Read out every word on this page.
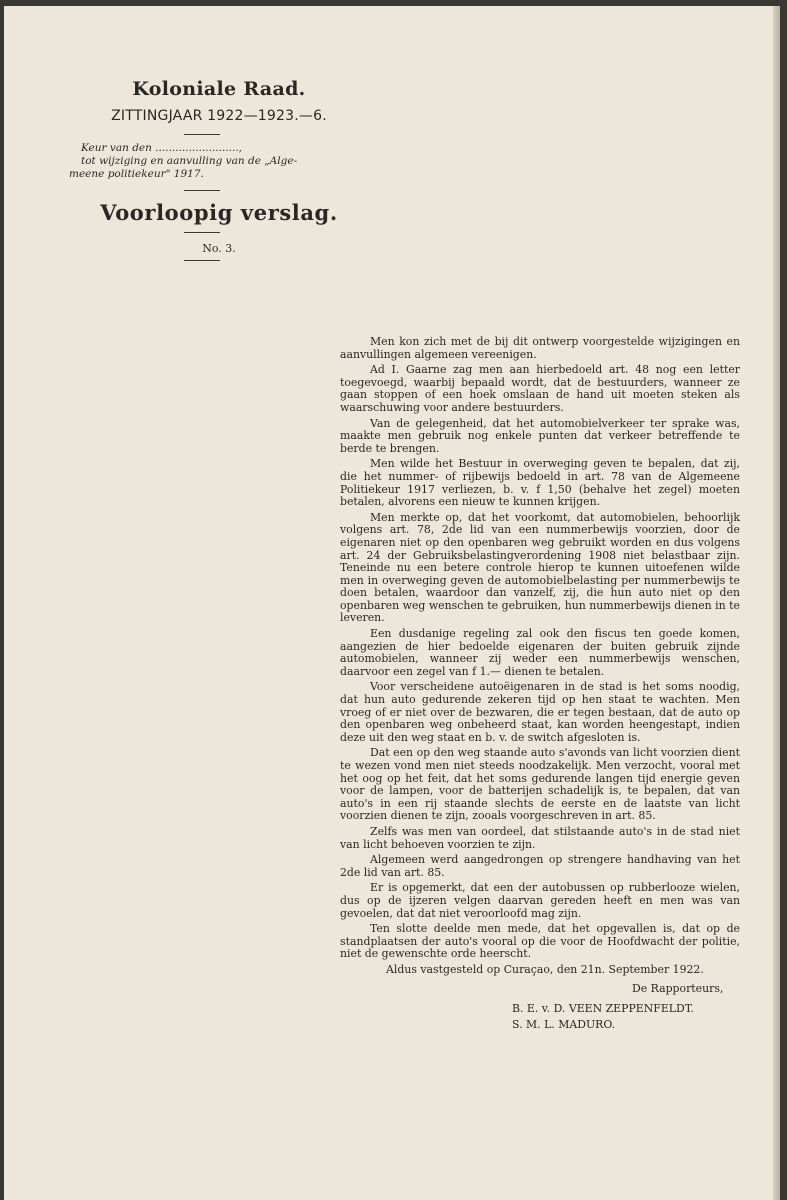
Koloniale Raad.
ZITTINGJAAR 1922—1923.—6.
Keur van den .........................,
tot wijziging en aanvulling van de „Alge-
meene politiekeur" 1917.
Voorloopig verslag.
No. 3.

Men kon zich met de bij dit ontwerp voorgestelde wijzigingen en aanvullingen algemeen vereenigen.

Ad I. Gaarne zag men aan hierbedoeld art. 48 nog een letter toegevoegd, waarbij bepaald wordt, dat de bestuurders, wanneer ze gaan stoppen of een hoek omslaan de hand uit moeten steken als waarschuwing voor andere bestuurders.

Van de gelegenheid, dat het automobielverkeer ter sprake was, maakte men gebruik nog enkele punten dat verkeer betreffende te berde te brengen.

Men wilde het Bestuur in overweging geven te bepalen, dat zij, die het nummer- of rijbewijs bedoeld in art. 78 van de Algemeene Politiekeur 1917 verliezen, b. v. f 1,50 (behalve het zegel) moeten betalen, alvorens een nieuw te kunnen krijgen.

Men merkte op, dat het voorkomt, dat automobielen, behoorlijk volgens art. 78, 2de lid van een nummerbewijs voorzien, door de eigenaren niet op den openbaren weg gebruikt worden en dus volgens art. 24 der Gebruiksbelastingverordening 1908 niet belastbaar zijn. Teneinde nu een betere controle hierop te kunnen uitoefenen wilde men in overweging geven de automobielbelasting per nummerbewijs te doen betalen, waardoor dan vanzelf, zij, die hun auto niet op den openbaren weg wenschen te gebruiken, hun nummerbewijs dienen in te leveren.

Een dusdanige regeling zal ook den fiscus ten goede komen, aangezien de hier bedoelde eigenaren der buiten gebruik zijnde automobielen, wanneer zij weder een nummerbewijs wenschen, daarvoor een zegel van f 1.— dienen te betalen.

Voor verscheidene autoëigenaren in de stad is het soms noodig, dat hun auto gedurende zekeren tijd op hen staat te wachten. Men vroeg of er niet over de bezwaren, die er tegen bestaan, dat de auto op den openbaren weg onbeheerd staat, kan worden heengestapt, indien deze uit den weg staat en b. v. de switch afgesloten is.

Dat een op den weg staande auto s'avonds van licht voorzien dient te wezen vond men niet steeds noodzakelijk. Men verzocht, vooral met het oog op het feit, dat het soms gedurende langen tijd energie geven voor de lampen, voor de batterijen schadelijk is, te bepalen, dat van auto's in een rij staande slechts de eerste en de laatste van licht voorzien dienen te zijn, zooals voorgeschreven in art. 85.

Zelfs was men van oordeel, dat stilstaande auto's in de stad niet van licht behoeven voorzien te zijn.

Algemeen werd aangedrongen op strengere handhaving van het 2de lid van art. 85.

Er is opgemerkt, dat een der autobussen op rubberlooze wielen, dus op de ijzeren velgen daarvan gereden heeft en men was van gevoelen, dat dat niet veroorloofd mag zijn.

Ten slotte deelde men mede, dat het opgevallen is, dat op de standplaatsen der auto's vooral op die voor de Hoofdwacht der politie, niet de gewenschte orde heerscht.

Aldus vastgesteld op Curaçao, den 21n. September 1922.
De Rapporteurs,
B. E. v. D. VEEN ZEPPENFELDT.
S. M. L. MADURO.
